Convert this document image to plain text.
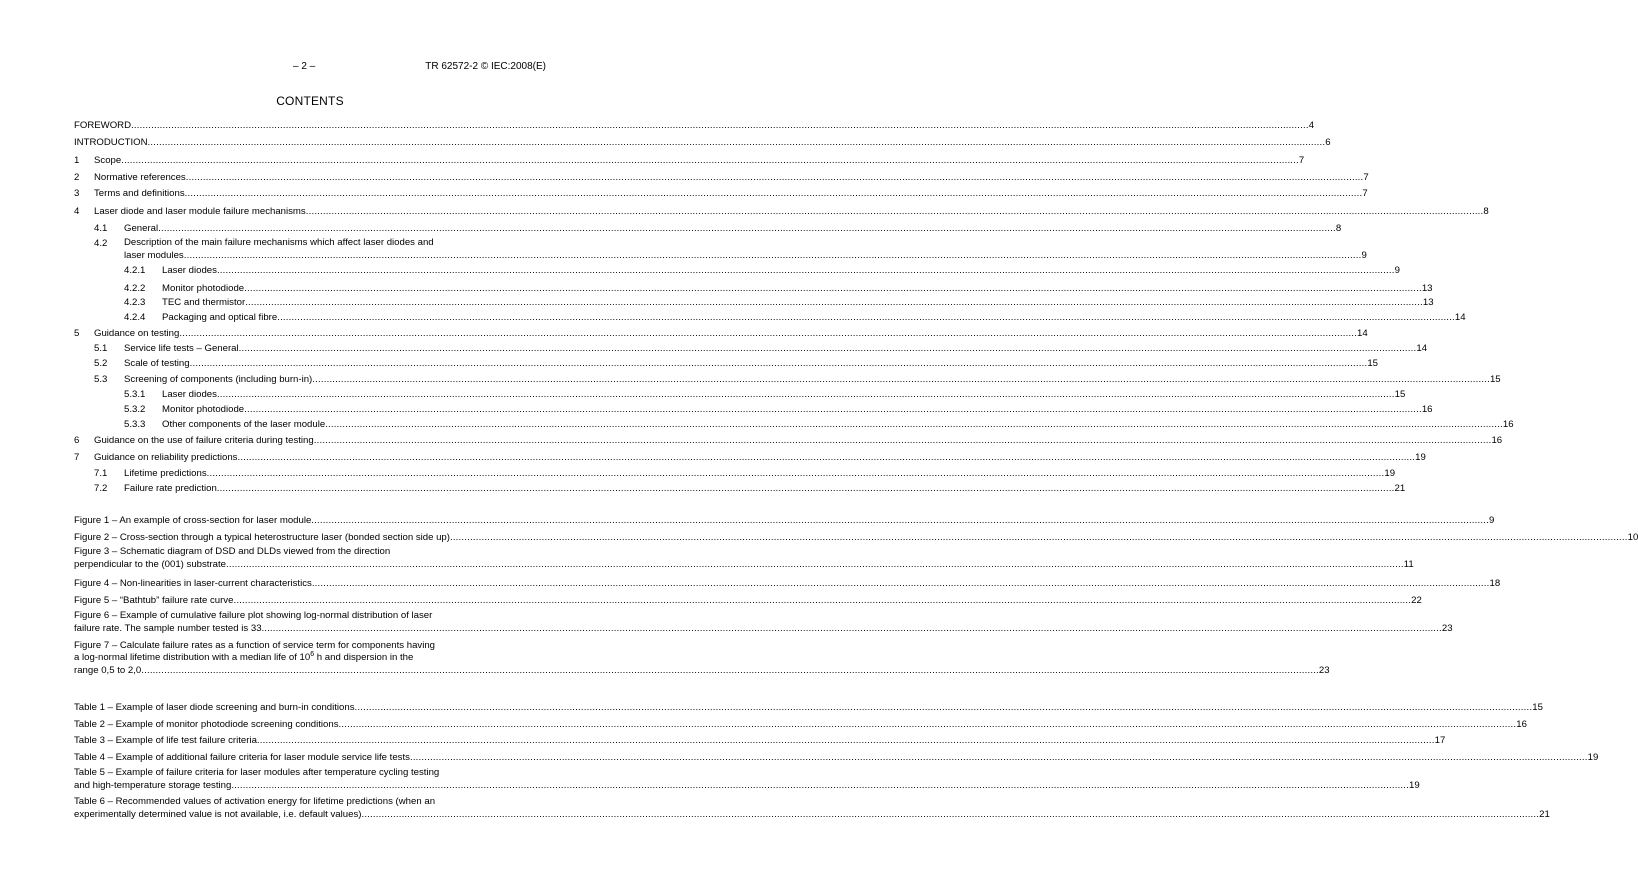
– 2 –	TR 62572-2 © IEC:2008(E)
CONTENTS
FOREWORD .....	4
INTRODUCTION .....	6
1 Scope .....	7
2 Normative references .....	7
3 Terms and definitions .....	7
4 Laser diode and laser module failure mechanisms .....	8
4.1 General .....	8
4.2 Description of the main failure mechanisms which affect laser diodes and
laser modules .....	9
4.2.1 Laser diodes .....	9
4.2.2 Monitor photodiode .....	13
4.2.3 TEC and thermistor .....	13
4.2.4 Packaging and optical fibre .....	14
5 Guidance on testing .....	14
5.1 Service life tests – General .....	14
5.2 Scale of testing .....	15
5.3 Screening of components (including burn-in) .....	15
5.3.1 Laser diodes .....	15
5.3.2 Monitor photodiode .....	16
5.3.3 Other components of the laser module .....	16
6 Guidance on the use of failure criteria during testing .....	16
7 Guidance on reliability predictions .....	19
7.1 Lifetime predictions .....	19
7.2 Failure rate prediction .....	21
Figure 1 – An example of cross-section for laser module .....	9
Figure 2 – Cross-section through a typical heterostructure laser (bonded section side up) .....	10
Figure 3 – Schematic diagram of DSD and DLDs viewed from the direction
perpendicular to the (001) substrate .....	11
Figure 4 – Non-linearities in laser-current characteristics .....	18
Figure 5 – “Bathtub” failure rate curve .....	22
Figure 6 – Example of cumulative failure plot showing log-normal distribution of laser
failure rate. The sample number tested is 33. .....	23
Figure 7 – Calculate failure rates as a function of service term for components having
a log-normal lifetime distribution with a median life of $10^6$ h and dispersion in the
range 0,5 to 2,0 .....	23
Table 1 – Example of laser diode screening and burn-in conditions .....	15
Table 2 – Example of monitor photodiode screening conditions .....	16
Table 3 – Example of life test failure criteria .....	17
Table 4 – Example of additional failure criteria for laser module service life tests .....	19
Table 5 – Example of failure criteria for laser modules after temperature cycling testing
and high-temperature storage testing .....	19
Table 6 – Recommended values of activation energy for lifetime predictions (when an
experimentally determined value is not available, i.e. default values) .....	21
